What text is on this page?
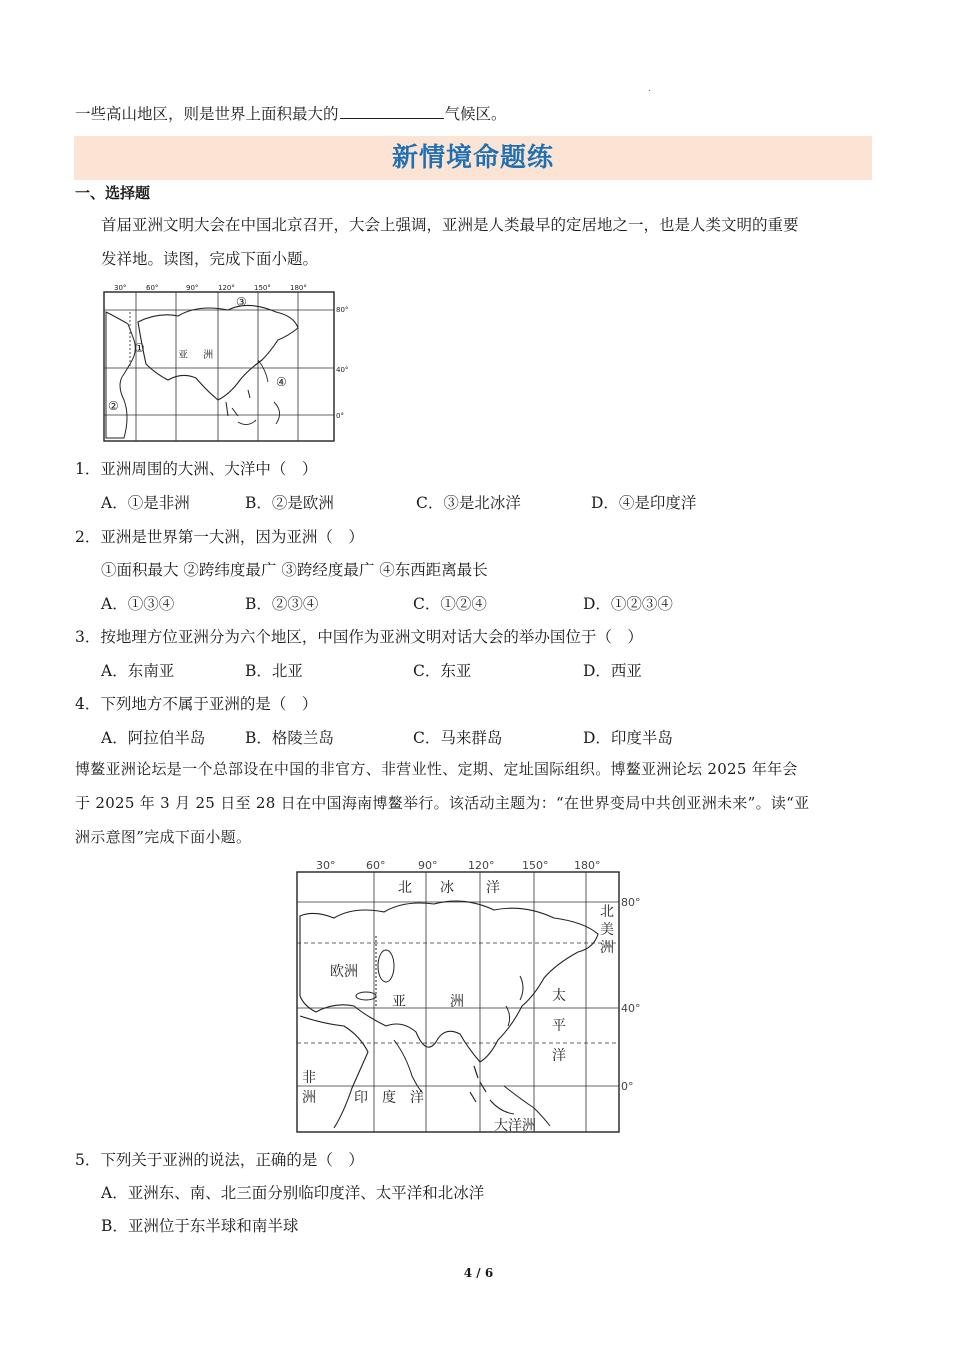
.
一些高山地区，则是世界上面积最大的	气候区。
新情境命题练
一、选择题
首届亚洲文明大会在中国北京召开，大会上强调，亚洲是人类最早的定居地之一，也是人类文明的重要
发祥地。读图，完成下面小题。
30°	60°	90°	120°	150°	180°
80°
40°
0°
①
②
③
④
亚 洲
1．亚洲周围的大洲、大洋中（　）
A．①是非洲	B．②是欧洲	C．③是北冰洋	D．④是印度洋
2．亚洲是世界第一大洲，因为亚洲（　）
①面积最大 ②跨纬度最广 ③跨经度最广 ④东西距离最长
A．①③④	B．②③④	C．①②④	D．①②③④
3．按地理方位亚洲分为六个地区，中国作为亚洲文明对话大会的举办国位于（　）
A．东南亚	B．北亚	C．东亚	D．西亚
4．下列地方不属于亚洲的是（　）
A．阿拉伯半岛	B．格陵兰岛	C．马来群岛	D．印度半岛
博鳌亚洲论坛是一个总部设在中国的非官方、非营业性、定期、定址国际组织。博鳌亚洲论坛 2025 年年会
于 2025 年 3 月 25 日至 28 日在中国海南博鳌举行。该活动主题为：“在世界变局中共创亚洲未来”。读“亚
洲示意图”完成下面小题。
30°	60°	90°	120°	150° 180°
80°
40°
0°
北 冰 洋
北
美
洲
欧洲
亚	洲	太
平
洋
非
洲	印 度 洋
大洋洲
5．下列关于亚洲的说法，正确的是（　）
A．亚洲东、南、北三面分别临印度洋、太平洋和北冰洋
B．亚洲位于东半球和南半球
4 / 6
